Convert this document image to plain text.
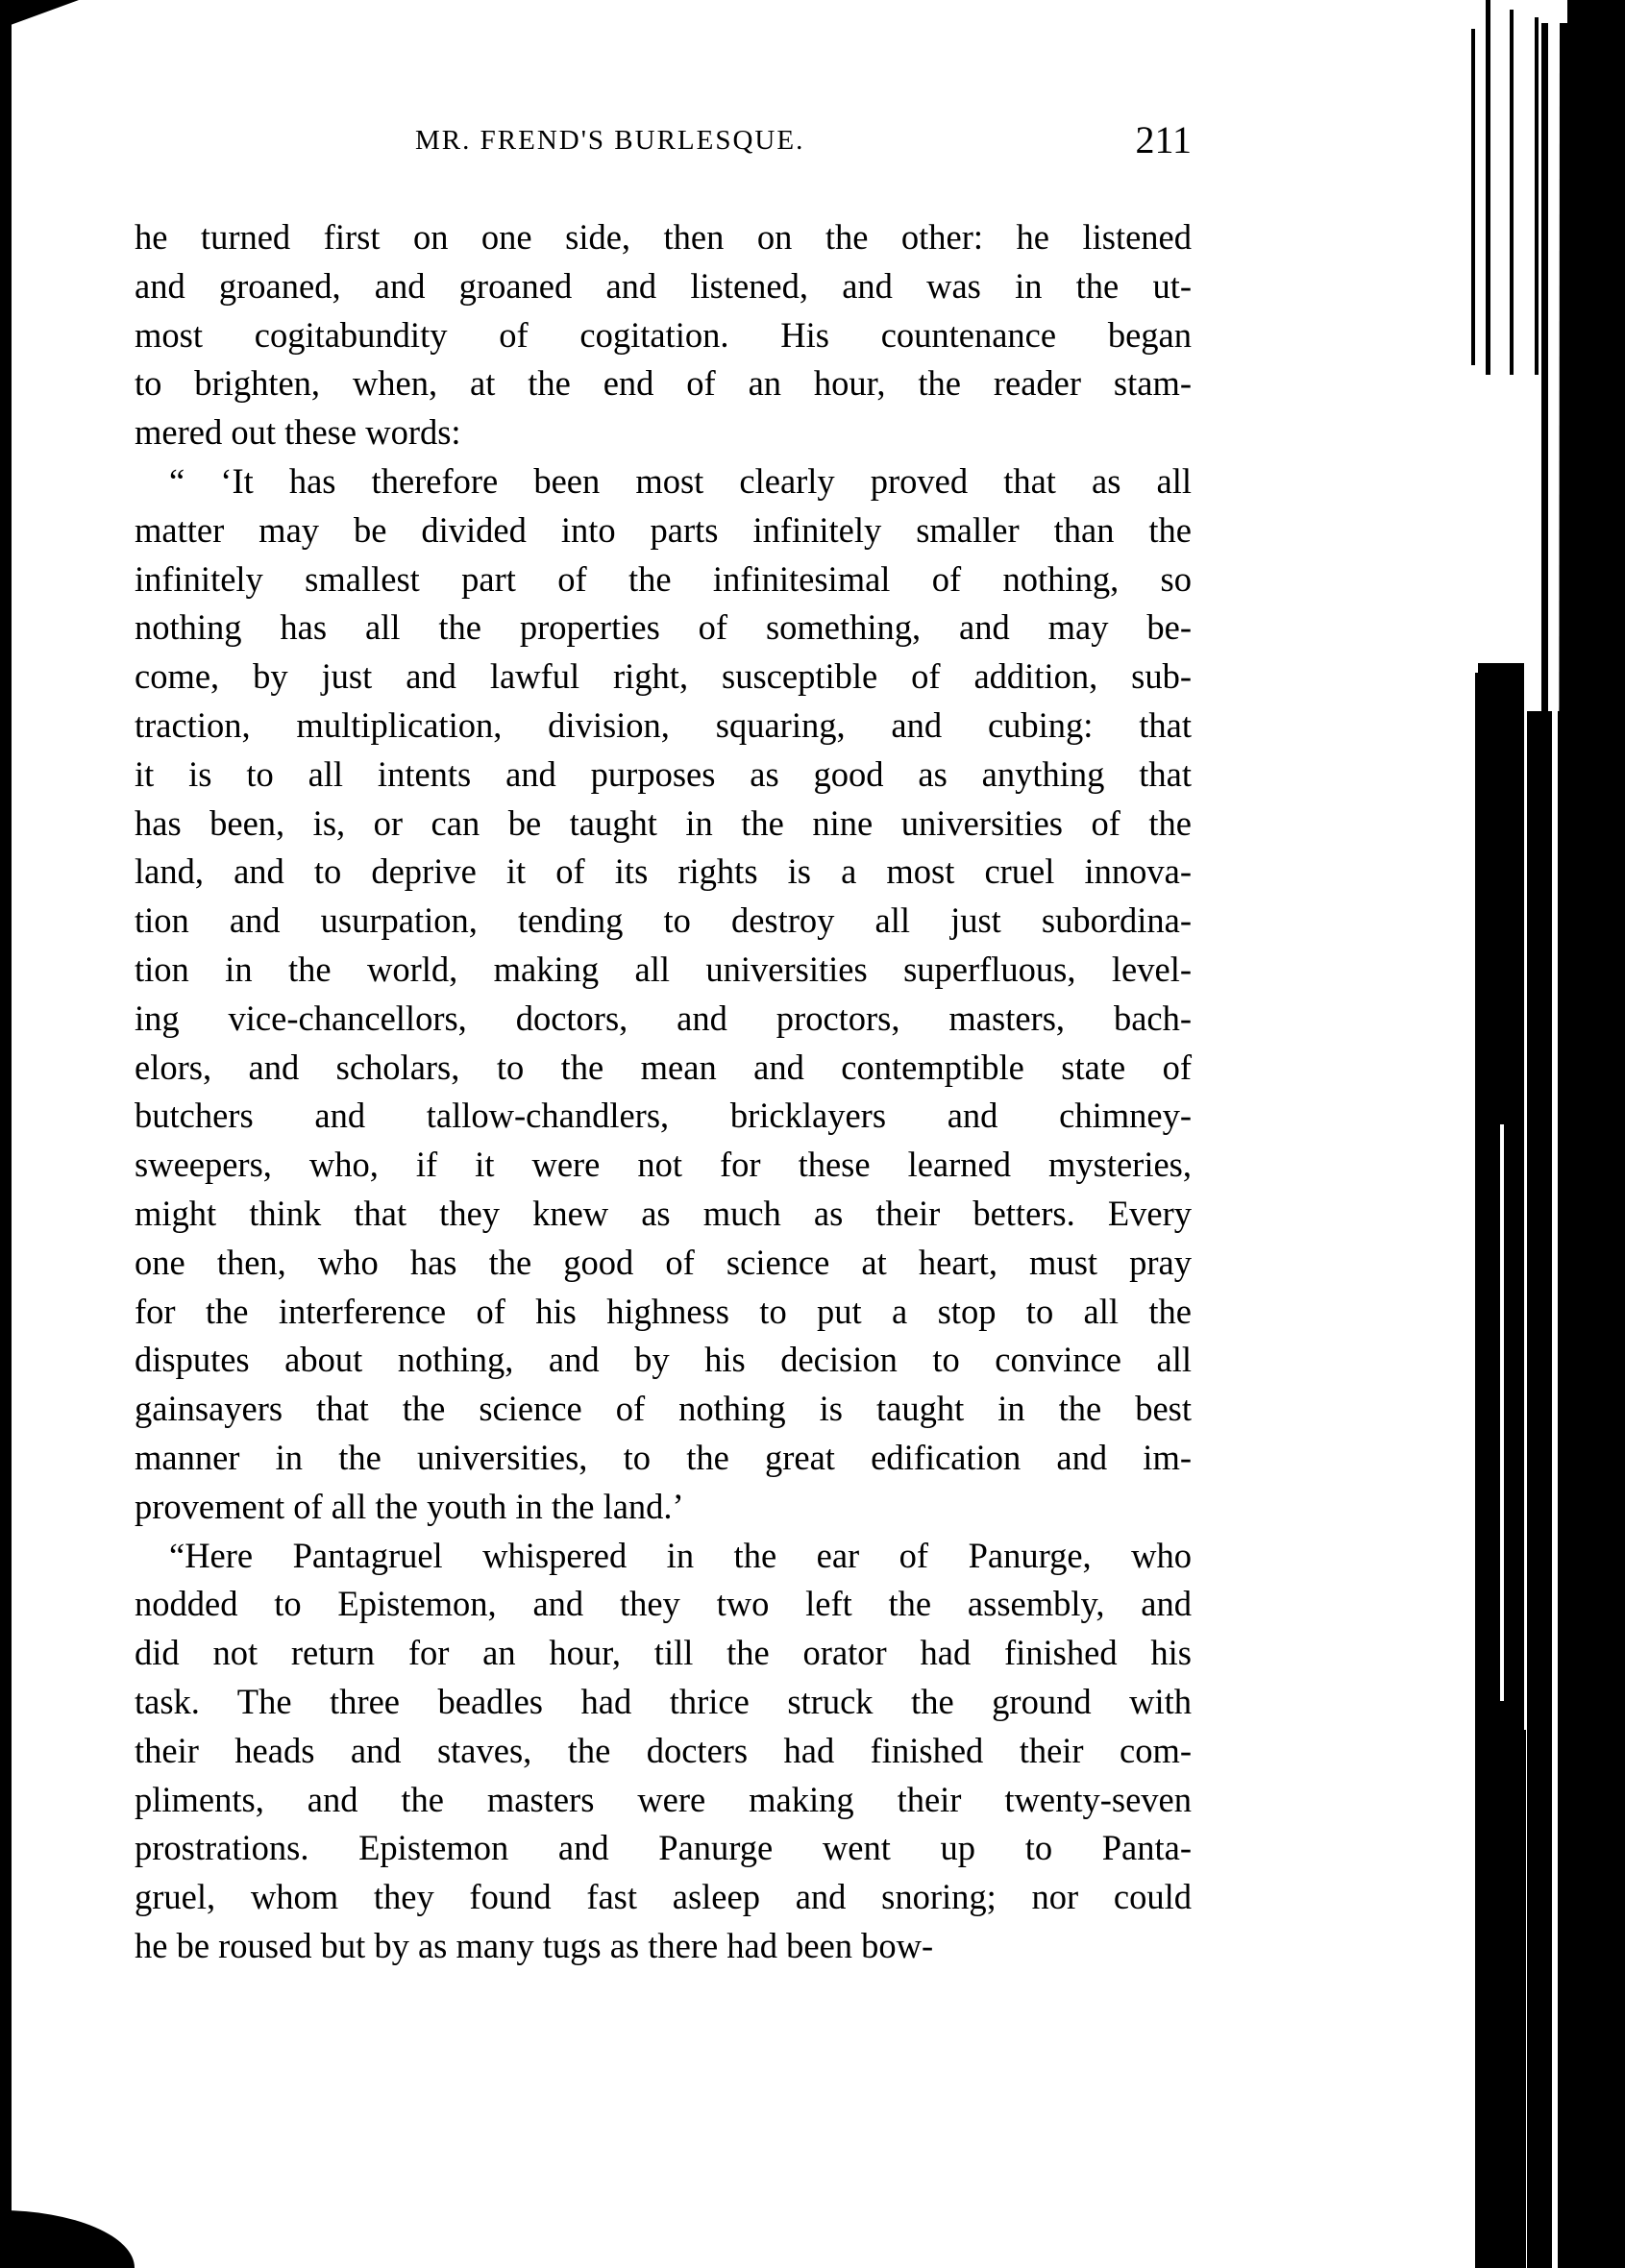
MR. FREND'S BURLESQUE.	211
he turned first on one side, then on the other: he listened
and groaned, and groaned and listened, and was in the ut-
most cogitabundity of cogitation. His countenance began
to brighten, when, at the end of an hour, the reader stam-
mered out these words:
“ ‘It has therefore been most clearly proved that as all
matter may be divided into parts infinitely smaller than the
infinitely smallest part of the infinitesimal of nothing, so
nothing has all the properties of something, and may be-
come, by just and lawful right, susceptible of addition, sub-
traction, multiplication, division, squaring, and cubing: that
it is to all intents and purposes as good as anything that
has been, is, or can be taught in the nine universities of the
land, and to deprive it of its rights is a most cruel innova-
tion and usurpation, tending to destroy all just subordina-
tion in the world, making all universities superfluous, level-
ing vice-chancellors, doctors, and proctors, masters, bach-
elors, and scholars, to the mean and contemptible state of
butchers and tallow-chandlers, bricklayers and chimney-
sweepers, who, if it were not for these learned mysteries,
might think that they knew as much as their betters. Every
one then, who has the good of science at heart, must pray
for the interference of his highness to put a stop to all the
disputes about nothing, and by his decision to convince all
gainsayers that the science of nothing is taught in the best
manner in the universities, to the great edification and im-
provement of all the youth in the land.’
“Here Pantagruel whispered in the ear of Panurge, who
nodded to Epistemon, and they two left the assembly, and
did not return for an hour, till the orator had finished his
task. The three beadles had thrice struck the ground with
their heads and staves, the docters had finished their com-
pliments, and the masters were making their twenty-seven
prostrations. Epistemon and Panurge went up to Panta-
gruel, whom they found fast asleep and snoring; nor could
he be roused but by as many tugs as there had been bow-
